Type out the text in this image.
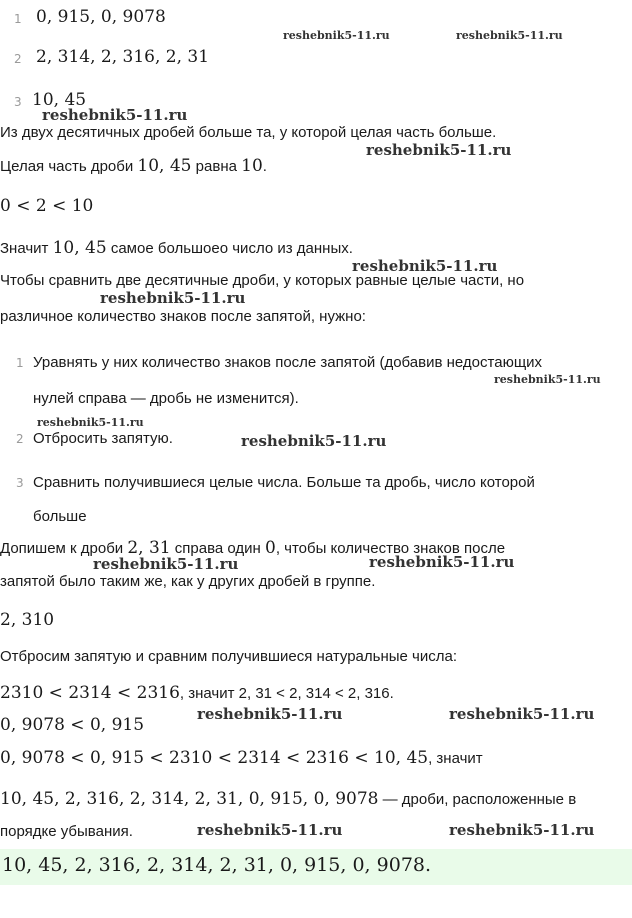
1 0, 915, 0, 9078
2 2, 314, 2, 316, 2, 31
3 10, 45
Из двух десятичных дробей больше та, у которой целая часть больше.
Целая часть дроби 10, 45 равна 10.
0 < 2 < 10
Значит 10, 45 самое большоео число из данных.
Чтобы сравнить две десятичные дроби, у которых равные целые части, но
различное количество знаков после запятой, нужно:
1 Уравнять у них количество знаков после запятой (добавив недостающих
нулей справа — дробь не изменится).
2 Отбросить запятую.
3 Сравнить получившиеся целые числа. Больше та дробь, число которой
больше
Допишем к дроби 2, 31 справа один 0, чтобы количество знаков после
запятой было таким же, как у других дробей в группе.
2, 310
Отбросим запятую и сравним получившиеся натуральные числа:
2310 < 2314 < 2316, значит 2, 31 < 2, 314 < 2, 316.
0, 9078 < 0, 915
0, 9078 < 0, 915 < 2310 < 2314 < 2316 < 10, 45, значит
10, 45, 2, 316, 2, 314, 2, 31, 0, 915, 0, 9078 — дроби, расположенные в
порядке убывания.
10, 45, 2, 316, 2, 314, 2, 31, 0, 915, 0, 9078.
reshebnik5-11.ru	reshebnik5-11.ru
reshebnik5-11.ru
reshebnik5-11.ru
reshebnik5-11.ru
reshebnik5-11.ru
reshebnik5-11.ru
reshebnik5-11.ru
reshebnik5-11.ru
reshebnik5-11.ru	reshebnik5-11.ru
reshebnik5-11.ru	reshebnik5-11.ru
reshebnik5-11.ru	reshebnik5-11.ru
